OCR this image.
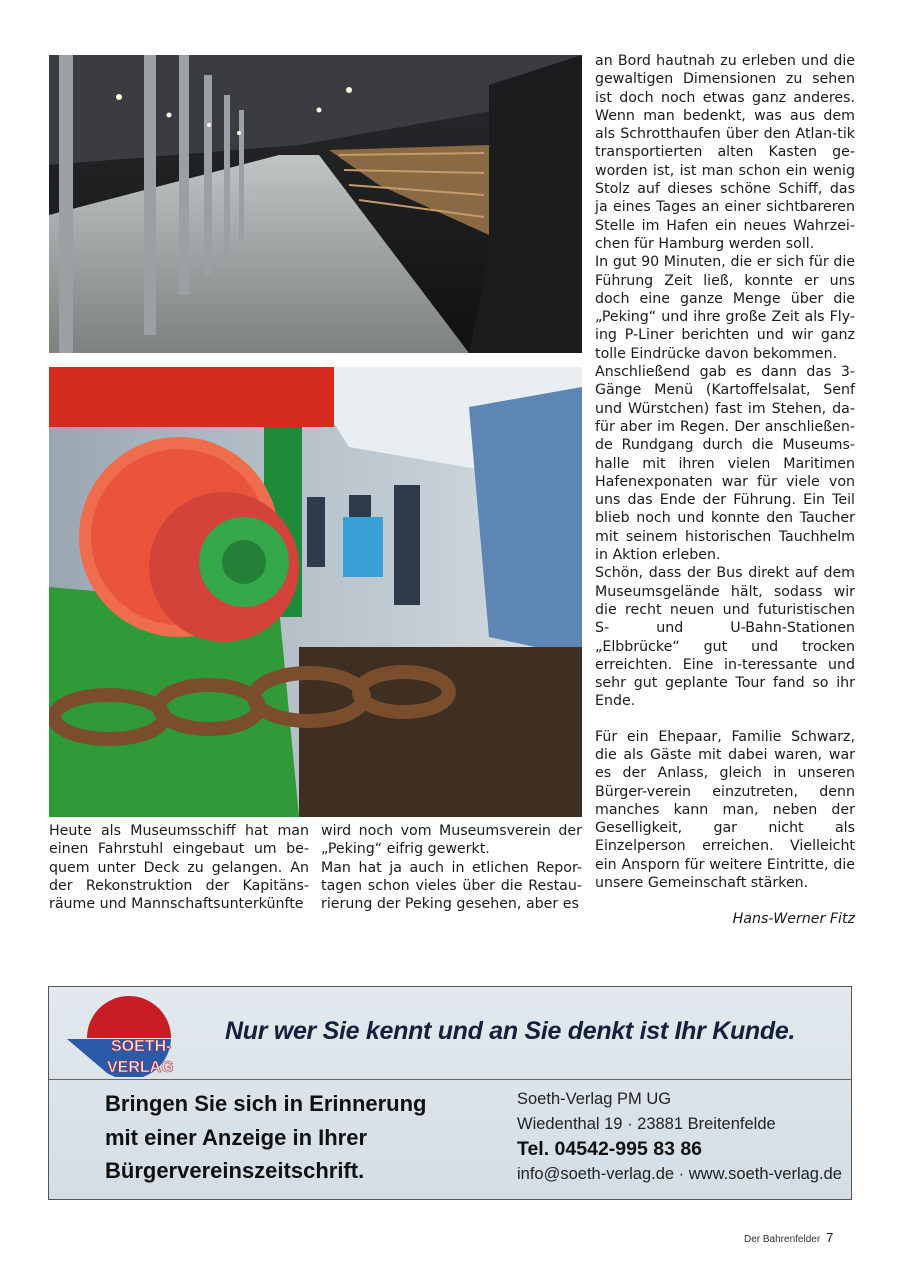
Heute als Museumsschiff hat man einen Fahrstuhl eingebaut um be-quem unter Deck zu gelangen. An der Rekonstruktion der Kapitäns-räume und Mannschaftsunterkünfte

wird noch vom Museumsverein der „Peking“ eifrig gewerkt.

Man hat ja auch in etlichen Repor-tagen schon vieles über die Restau-rierung der Peking gesehen, aber es

an Bord hautnah zu erleben und die gewaltigen Dimensionen zu sehen ist doch noch etwas ganz anderes. Wenn man bedenkt, was aus dem als Schrotthaufen über den Atlan-tik transportierten alten Kasten ge-worden ist, ist man schon ein wenig Stolz auf dieses schöne Schiff, das ja eines Tages an einer sichtbareren Stelle im Hafen ein neues Wahrzei-chen für Hamburg werden soll.

In gut 90 Minuten, die er sich für die Führung Zeit ließ, konnte er uns doch eine ganze Menge über die „Peking“ und ihre große Zeit als Fly-ing P-Liner berichten und wir ganz tolle Eindrücke davon bekommen.

Anschließend gab es dann das 3-Gänge Menü (Kartoffelsalat, Senf und Würstchen) fast im Stehen, da-für aber im Regen. Der anschließen-de Rundgang durch die Museums-halle mit ihren vielen Maritimen Hafenexponaten war für viele von uns das Ende der Führung. Ein Teil blieb noch und konnte den Taucher mit seinem historischen Tauchhelm in Aktion erleben.

Schön, dass der Bus direkt auf dem Museumsgelände hält, sodass wir die recht neuen und futuristischen S- und U-Bahn-Stationen „Elbbrücke“ gut und trocken erreichten. Eine in-teressante und sehr gut geplante Tour fand so ihr Ende.

Für ein Ehepaar, Familie Schwarz, die als Gäste mit dabei waren, war es der Anlass, gleich in unseren Bürger-verein einzutreten, denn manches kann man, neben der Geselligkeit, gar nicht als Einzelperson erreichen. Vielleicht ein Ansporn für weitere Eintritte, die unsere Gemeinschaft stärken.

Hans-Werner Fitz

SOETH-
VERLAG
Nur wer Sie kennt und an Sie denkt ist Ihr Kunde.
Bringen Sie sich in Erinnerung
mit einer Anzeige in Ihrer
Bürgervereinszeitschrift.
Soeth-Verlag PM UG
Wiedenthal 19 · 23881 Breitenfelde
Tel. 04542-995 83 86
info@soeth-verlag.de · www.soeth-verlag.de
Der Bahrenfelder 7
